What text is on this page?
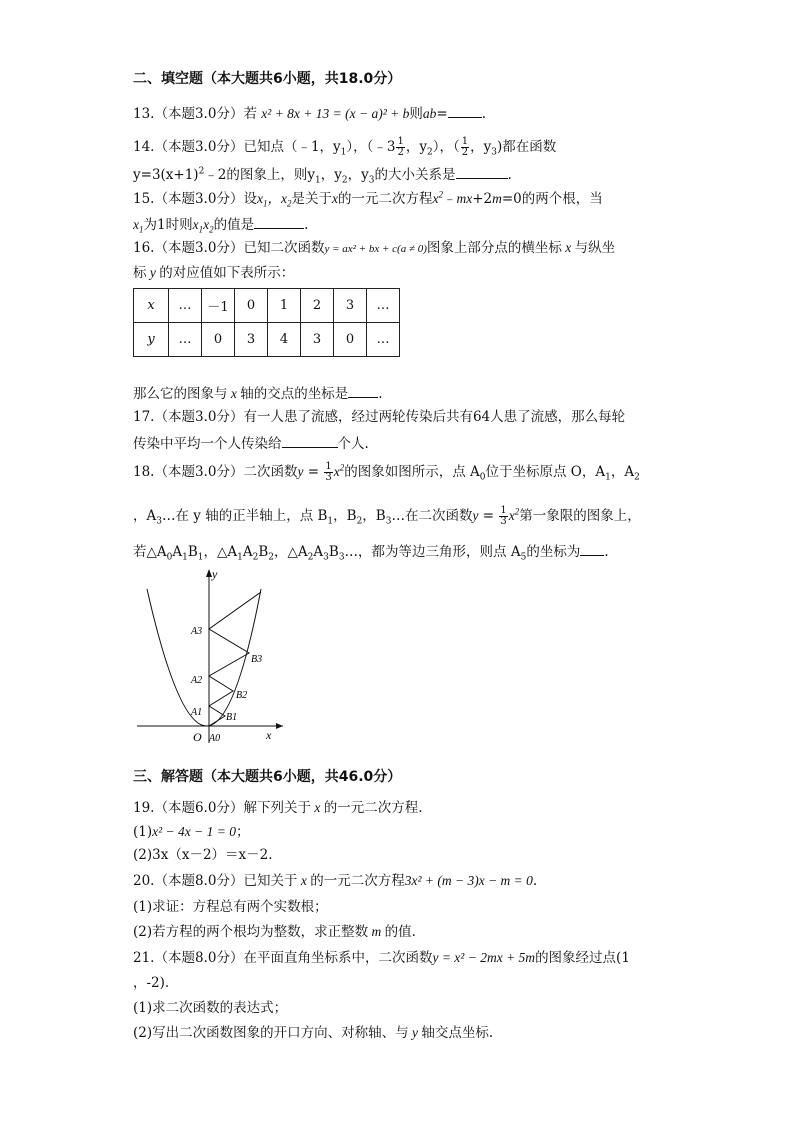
二、填空题（本大题共6小题，共18.0分）
13.（本题3.0分）若 x² + 8x + 13 = (x − a)² + b则ab=	.
14.（本题3.0分）已知点（﹣1，$y_1$），（﹣3 $\frac{1}{2}$ ，$y_2$），（ $\frac{1}{2}$ ，$y_3$)都在函数
$y=3(x+1)^2﹣2$的图象上，则$y_1$，$y_2$，$y_3$的大小关系是	.
15.（本题3.0分）设$x_1$，$x_2$是关于x的一元二次方程$x^2﹣mx+2m=0$的两个根，当
$x_1$为1时则$x_1x_2$的值是	.
16.（本题3.0分）已知二次函数y = ax² + bx + c(a ≠ 0)图象上部分点的横坐标 x 与纵坐
标 y 的对应值如下表所示：
x	…	－1	0	1	2	3	…
y	…	0	3	4	3	0	…
那么它的图象与 x 轴的交点的坐标是 .
17.（本题3.0分）有一人患了流感，经过两轮传染后共有64人患了流感，那么每轮
传染中平均一个人传染给	个人.
18.（本题3.0分）二次函数$y = \frac{1}{3} x^2$的图象如图所示，点 $A_0$位于坐标原点 O，$A_1$，$A_2$
，$A_3\dots$在 y 轴的正半轴上，点 $B_1$，$B_2$，$B_3\dots$在二次函数$y = \frac{1}{3} x^2$第一象限的图象上，
若$\triangle A_0A_1B_1$，$\triangle A_1A_2B_2$，$\triangle A_2A_3B_3\dots$，都为等边三角形，则点 $A_5$的坐标为 .
y
x
O A0
A1
A2
A3
B1
B2
B3
三、解答题（本大题共6小题，共46.0分）
19.（本题6.0分）解下列关于 x 的一元二次方程.
(1)x² − 4x − 1 = 0；
(2)3x（x－2）＝x－2.
20.（本题8.0分）已知关于 x 的一元二次方程3x² + (m − 3)x − m = 0.
(1)求证：方程总有两个实数根；
(2)若方程的两个根均为整数，求正整数 m 的值.
21.（本题8.0分）在平面直角坐标系中，二次函数y = x² − 2mx + 5m的图象经过点(1
，-2).
(1)求二次函数的表达式；
(2)写出二次函数图象的开口方向、对称轴、与 y 轴交点坐标.
